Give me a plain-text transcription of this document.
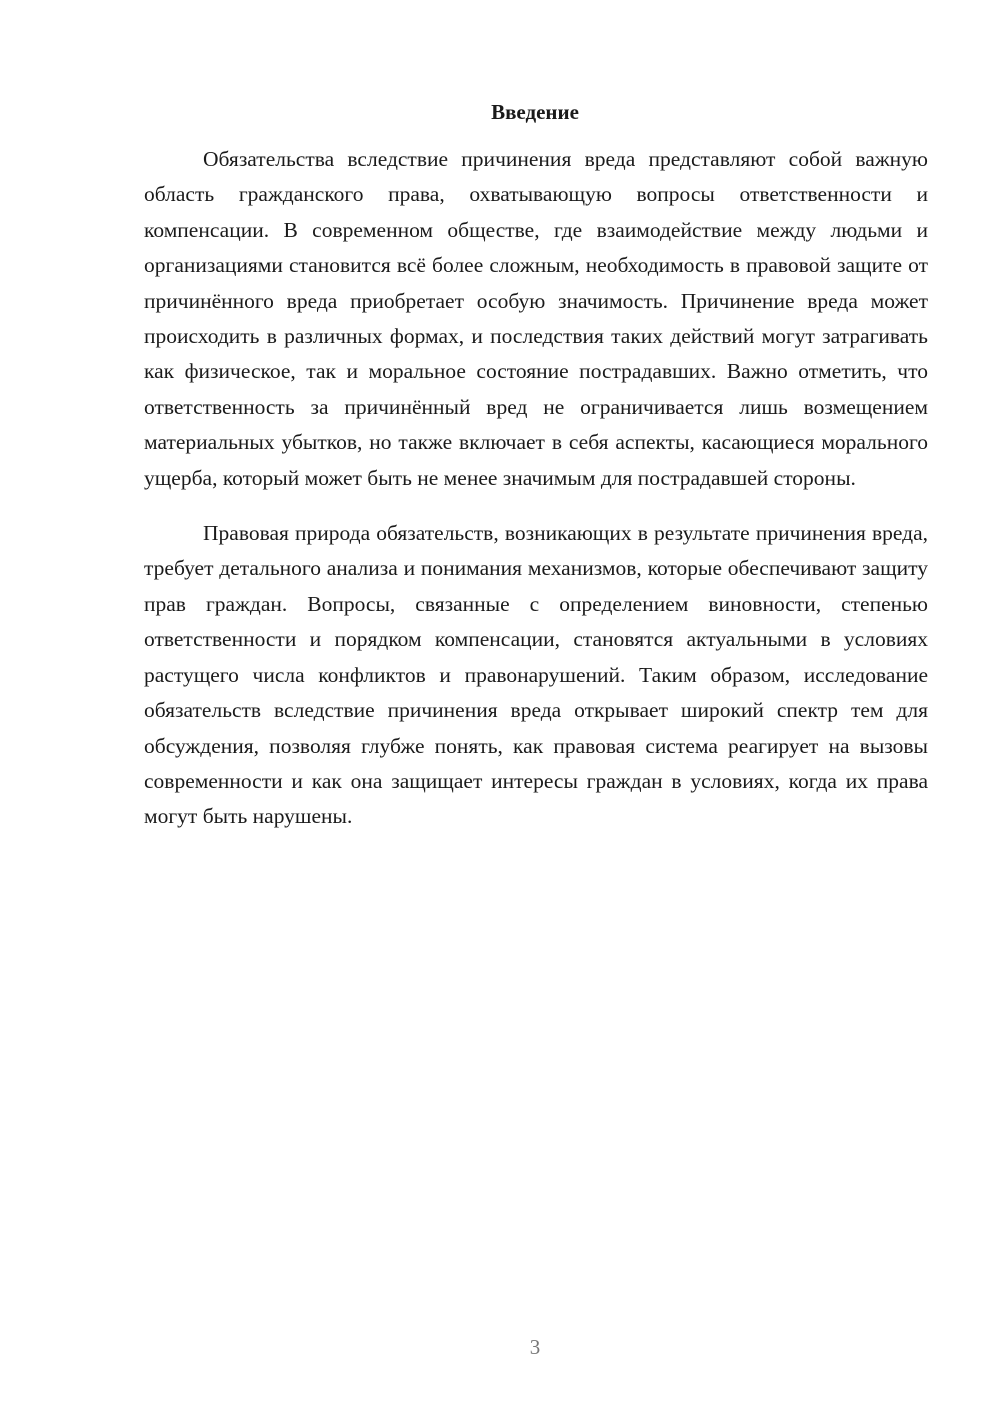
Введение

Обязательства вследствие причинения вреда представляют собой важную область гражданского права, охватывающую вопросы ответственности и компенсации. В современном обществе, где взаимодействие между людьми и организациями становится всё более сложным, необходимость в правовой защите от причинённого вреда приобретает особую значимость. Причинение вреда может происходить в различных формах, и последствия таких действий могут затрагивать как физическое, так и моральное состояние пострадавших. Важно отметить, что ответственность за причинённый вред не ограничивается лишь возмещением материальных убытков, но также включает в себя аспекты, касающиеся морального ущерба, который может быть не менее значимым для пострадавшей стороны.

Правовая природа обязательств, возникающих в результате причинения вреда, требует детального анализа и понимания механизмов, которые обеспечивают защиту прав граждан. Вопросы, связанные с определением виновности, степенью ответственности и порядком компенсации, становятся актуальными в условиях растущего числа конфликтов и правонарушений. Таким образом, исследование обязательств вследствие причинения вреда открывает широкий спектр тем для обсуждения, позволяя глубже понять, как правовая система реагирует на вызовы современности и как она защищает интересы граждан в условиях, когда их права могут быть нарушены.

3
